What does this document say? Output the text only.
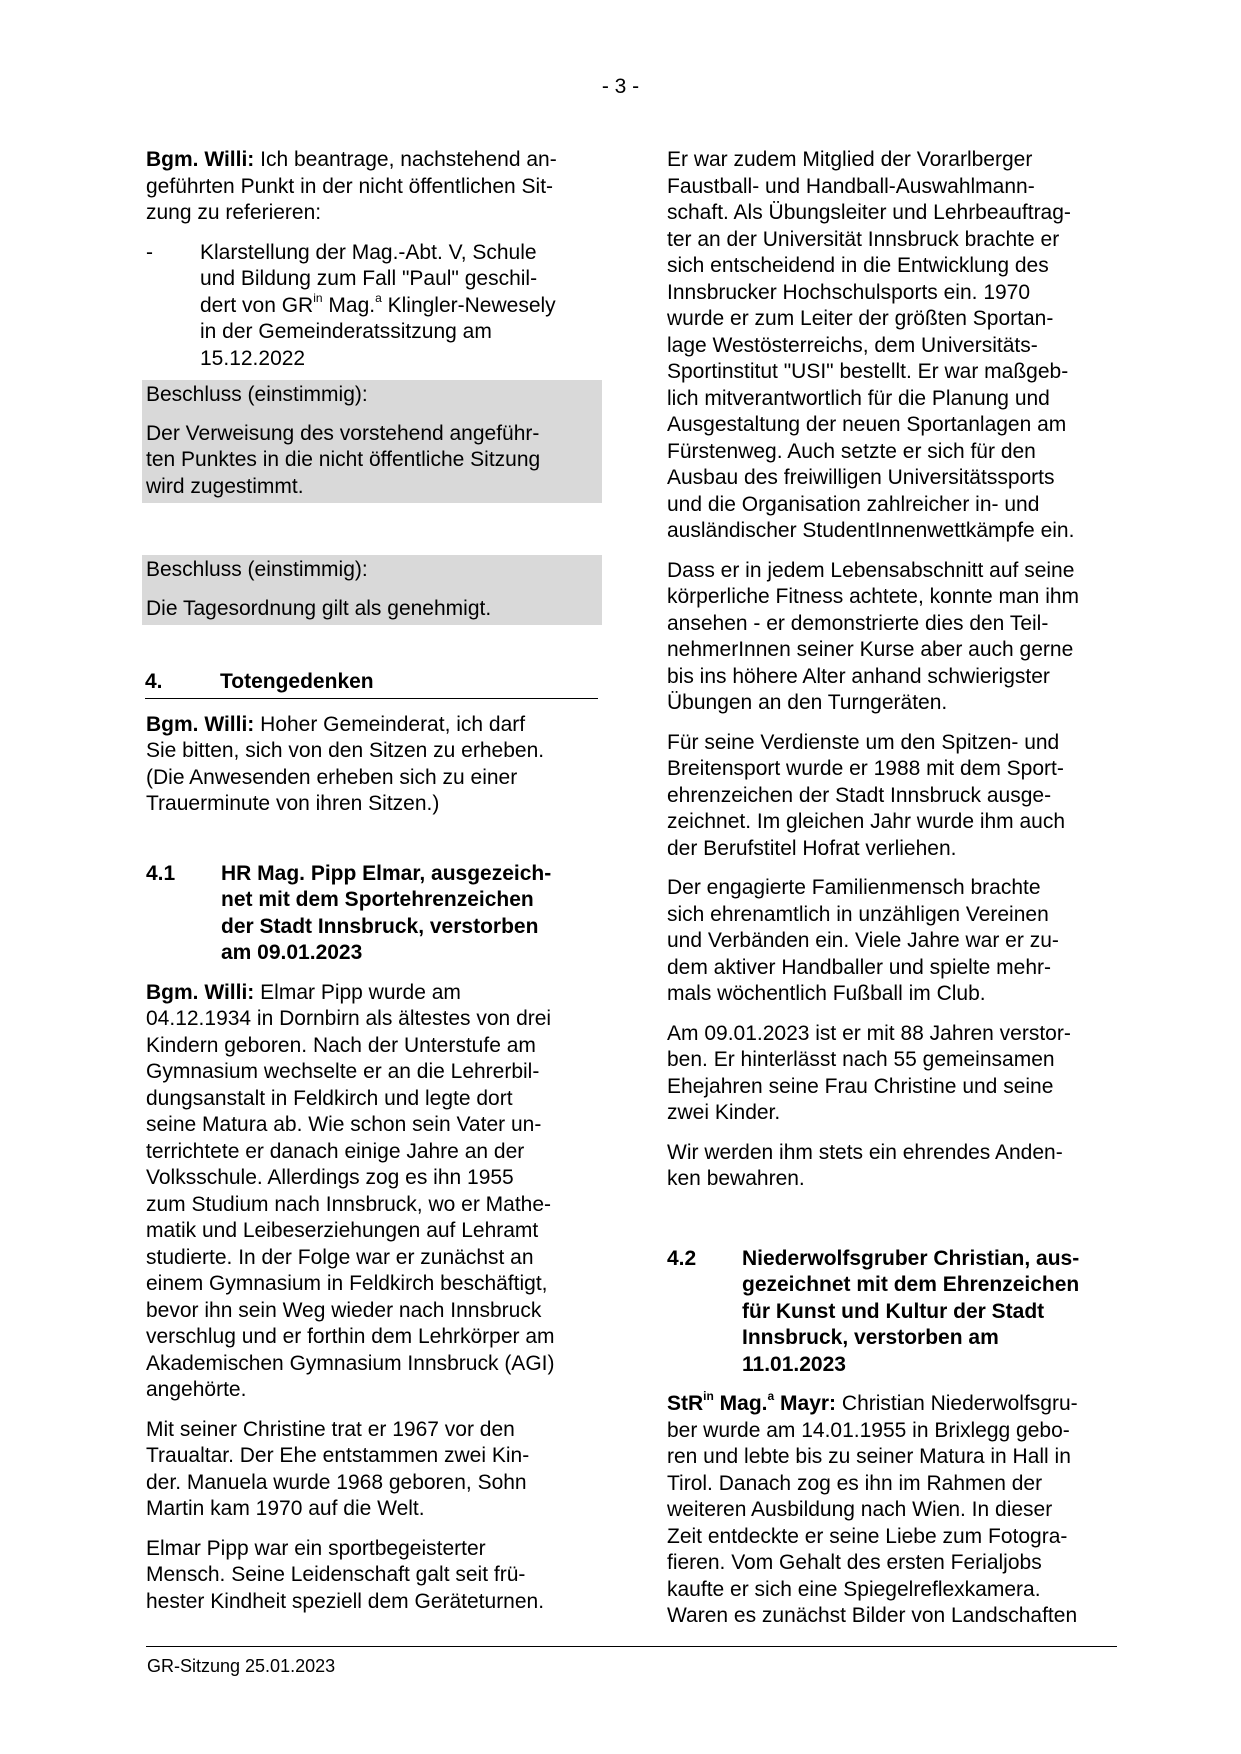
- 3 -

Bgm. Willi: Ich beantrage, nachstehend an-
geführten Punkt in der nicht öffentlichen Sit-
zung zu referieren:

-	Klarstellung der Mag.-Abt. V, Schule
und Bildung zum Fall "Paul" geschil-
dert von $GR^{in}$ Mag.$^a$ Klingler-Newesely
in der Gemeinderatssitzung am
15.12.2022

Beschluss (einstimmig):

Der Verweisung des vorstehend angeführ-
ten Punktes in die nicht öffentliche Sitzung
wird zugestimmt.

Beschluss (einstimmig):

Die Tagesordnung gilt als genehmigt.

4.	Totengedenken

Bgm. Willi: Hoher Gemeinderat, ich darf
Sie bitten, sich von den Sitzen zu erheben.
(Die Anwesenden erheben sich zu einer
Trauerminute von ihren Sitzen.)

4.1	HR Mag. Pipp Elmar, ausgezeich-
net mit dem Sportehrenzeichen
der Stadt Innsbruck, verstorben
am 09.01.2023

Bgm. Willi: Elmar Pipp wurde am
04.12.1934 in Dornbirn als ältestes von drei
Kindern geboren. Nach der Unterstufe am
Gymnasium wechselte er an die Lehrerbil-
dungsanstalt in Feldkirch und legte dort
seine Matura ab. Wie schon sein Vater un-
terrichtete er danach einige Jahre an der
Volksschule. Allerdings zog es ihn 1955
zum Studium nach Innsbruck, wo er Mathe-
matik und Leibeserziehungen auf Lehramt
studierte. In der Folge war er zunächst an
einem Gymnasium in Feldkirch beschäftigt,
bevor ihn sein Weg wieder nach Innsbruck
verschlug und er forthin dem Lehrkörper am
Akademischen Gymnasium Innsbruck (AGI)
angehörte.

Mit seiner Christine trat er 1967 vor den
Traualtar. Der Ehe entstammen zwei Kin-
der. Manuela wurde 1968 geboren, Sohn
Martin kam 1970 auf die Welt.

Elmar Pipp war ein sportbegeisterter
Mensch. Seine Leidenschaft galt seit frü-
hester Kindheit speziell dem Geräteturnen.

Er war zudem Mitglied der Vorarlberger
Faustball- und Handball-Auswahlmann-
schaft. Als Übungsleiter und Lehrbeauftrag-
ter an der Universität Innsbruck brachte er
sich entscheidend in die Entwicklung des
Innsbrucker Hochschulsports ein. 1970
wurde er zum Leiter der größten Sportan-
lage Westösterreichs, dem Universitäts-
Sportinstitut "USI" bestellt. Er war maßgeb-
lich mitverantwortlich für die Planung und
Ausgestaltung der neuen Sportanlagen am
Fürstenweg. Auch setzte er sich für den
Ausbau des freiwilligen Universitätssports
und die Organisation zahlreicher in- und
ausländischer StudentInnenwettkämpfe ein.

Dass er in jedem Lebensabschnitt auf seine
körperliche Fitness achtete, konnte man ihm
ansehen - er demonstrierte dies den Teil-
nehmerInnen seiner Kurse aber auch gerne
bis ins höhere Alter anhand schwierigster
Übungen an den Turngeräten.

Für seine Verdienste um den Spitzen- und
Breitensport wurde er 1988 mit dem Sport-
ehrenzeichen der Stadt Innsbruck ausge-
zeichnet. Im gleichen Jahr wurde ihm auch
der Berufstitel Hofrat verliehen.

Der engagierte Familienmensch brachte
sich ehrenamtlich in unzähligen Vereinen
und Verbänden ein. Viele Jahre war er zu-
dem aktiver Handballer und spielte mehr-
mals wöchentlich Fußball im Club.

Am 09.01.2023 ist er mit 88 Jahren verstor-
ben. Er hinterlässt nach 55 gemeinsamen
Ehejahren seine Frau Christine und seine
zwei Kinder.

Wir werden ihm stets ein ehrendes Anden-
ken bewahren.

4.2	Niederwolfsgruber Christian, aus-
gezeichnet mit dem Ehrenzeichen
für Kunst und Kultur der Stadt
Innsbruck, verstorben am
11.01.2023

StR$^{in}$ Mag.$^a$ Mayr: Christian Niederwolfsgru-
ber wurde am 14.01.1955 in Brixlegg gebo-
ren und lebte bis zu seiner Matura in Hall in
Tirol. Danach zog es ihn im Rahmen der
weiteren Ausbildung nach Wien. In dieser
Zeit entdeckte er seine Liebe zum Fotogra-
fieren. Vom Gehalt des ersten Ferialjobs
kaufte er sich eine Spiegelreflexkamera.
Waren es zunächst Bilder von Landschaften

GR-Sitzung 25.01.2023
